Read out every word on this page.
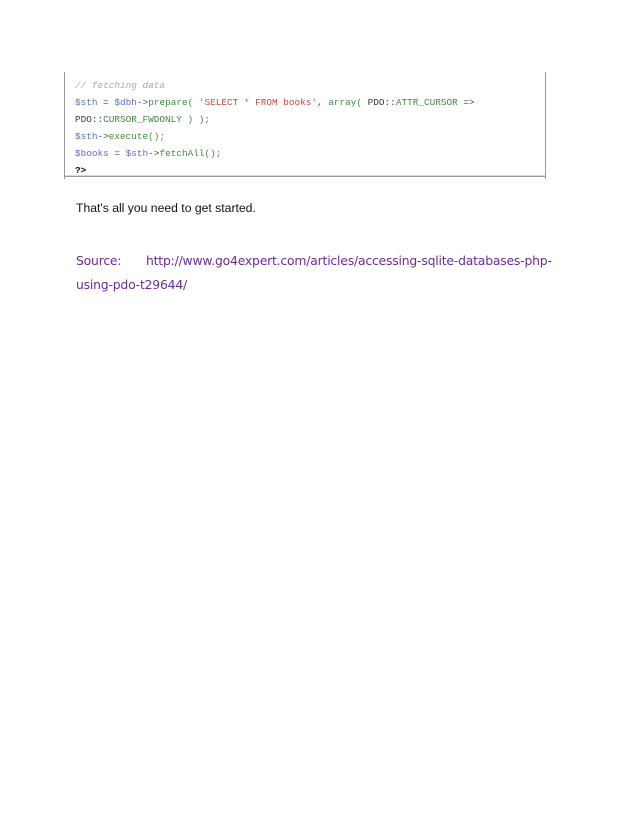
// fetching data
$sth = $dbh->prepare( 'SELECT * FROM books', array( PDO::ATTR_CURSOR =>
PDO::CURSOR_FWDONLY ) );
$sth->execute();
$books = $sth->fetchAll();
?>
That's all you need to get started.
Source: http://www.go4expert.com/articles/accessing-sqlite-databases-php-using-pdo-t29644/
